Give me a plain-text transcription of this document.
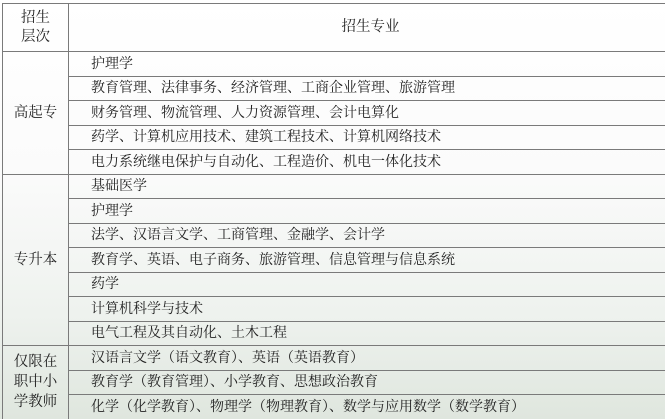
招生
层次	招生专业

高起专	护理学
	教育管理、法律事务、经济管理、工商企业管理、旅游管理
	财务管理、物流管理、人力资源管理、会计电算化
	药学、计算机应用技术、建筑工程技术、计算机网络技术
	电力系统继电保护与自动化、工程造价、机电一体化技术

专升本	基础医学
	护理学
	法学、汉语言文学、工商管理、金融学、会计学
	教育学、英语、电子商务、旅游管理、信息管理与信息系统
	药学
	计算机科学与技术
	电气工程及其自动化、土木工程

仅限在
职中小
学教师	汉语言文学（语文教育）、英语（英语教育）
	教育学（教育管理）、小学教育、思想政治教育
	化学（化学教育）、物理学（物理教育）、数学与应用数学（数学教育）
